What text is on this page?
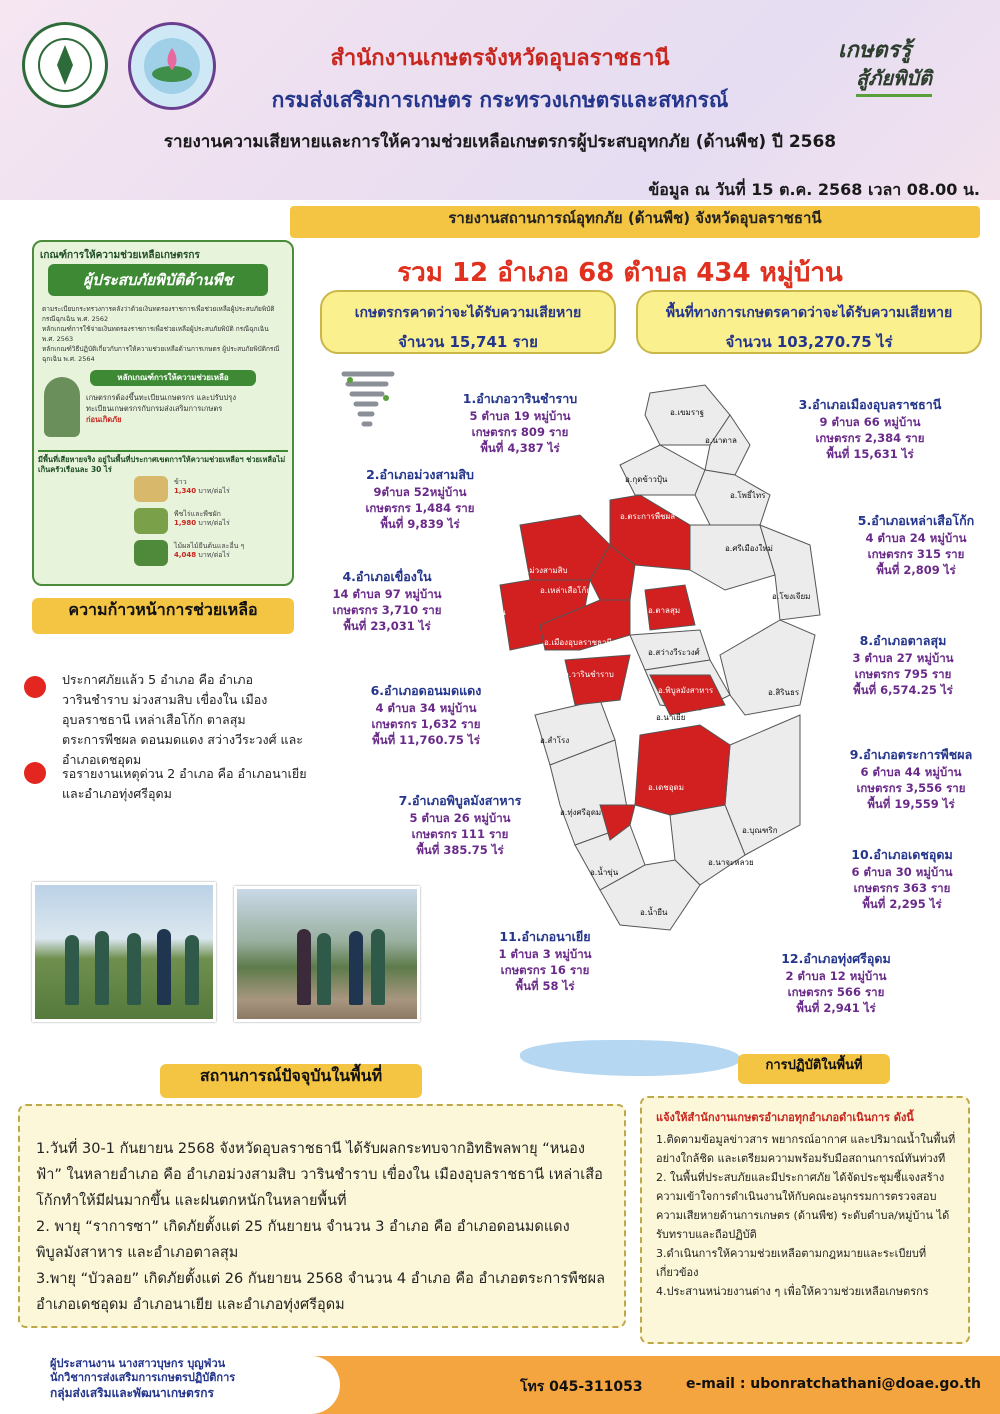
เกษตรรู้
สู้ภัยพิบัติ
สำนักงานเกษตรจังหวัดอุบลราชธานี
กรมส่งเสริมการเกษตร กระทรวงเกษตรและสหกรณ์
รายงานความเสียหายและการให้ความช่วยเหลือเกษตรกรผู้ประสบอุทกภัย (ด้านพืช) ปี 2568
ข้อมูล ณ วันที่ 15 ต.ค. 2568 เวลา 08.00 น.
รายงานสถานการณ์อุทกภัย (ด้านพืช) จังหวัดอุบลราชธานี
เกณฑ์การให้ความช่วยเหลือเกษตรกร
ผู้ประสบภัยพิบัติด้านพืช
ตามระเบียบกระทรวงการคลังว่าด้วยเงินทดรองราชการเพื่อช่วยเหลือผู้ประสบภัยพิบัติกรณีฉุกเฉิน พ.ศ. 2562
หลักเกณฑ์การใช้จ่ายเงินทดรองราชการเพื่อช่วยเหลือผู้ประสบภัยพิบัติ กรณีฉุกเฉิน พ.ศ. 2563
หลักเกณฑ์วิธีปฏิบัติเกี่ยวกับการให้ความช่วยเหลือด้านการเกษตร ผู้ประสบภัยพิบัติกรณีฉุกเฉิน พ.ศ. 2564
หลักเกณฑ์การให้ความช่วยเหลือ
เกษตรกรต้องขึ้นทะเบียนเกษตรกร และปรับปรุงทะเบียนเกษตรกรกับกรมส่งเสริมการเกษตร ก่อนเกิดภัย
มีพื้นที่เสียหายจริง อยู่ในพื้นที่ประกาศเขตการให้ความช่วยเหลือฯ ช่วยเหลือไม่เกินครัวเรือนละ 30 ไร่
ข้าว
1,340 บาท/ต่อไร่
พืชไร่และพืชผัก
1,980 บาท/ต่อไร่
ไม้ผลไม้ยืนต้นและอื่น ๆ
4,048 บาท/ต่อไร่
ความก้าวหน้าการช่วยเหลือ
ประกาศภัยแล้ว 5 อำเภอ คือ อำเภอวารินชำราบ ม่วงสามสิบ เขื่องใน เมืองอุบลราชธานี เหล่าเสือโก้ก ตาลสุม ตระการพืชผล ดอนมดแดง สว่างวีระวงศ์ และอำเภอเดชอุดม
รอรายงานเหตุด่วน 2 อำเภอ คือ อำเภอนาเยีย และอำเภอทุ่งศรีอุดม
รวม 12 อำเภอ 68 ตำบล 434 หมู่บ้าน
เกษตรกรคาดว่าจะได้รับความเสียหาย
จำนวน 15,741 ราย
พื้นที่ทางการเกษตรคาดว่าจะได้รับความเสียหาย
จำนวน 103,270.75 ไร่
1.อำเภอวารินชำราบ
5 ตำบล 19 หมู่บ้าน
เกษตรกร 809 ราย
พื้นที่ 4,387 ไร่
2.อำเภอม่วงสามสิบ
9ตำบล 52หมู่บ้าน
เกษตรกร 1,484 ราย
พื้นที่ 9,839 ไร่
3.อำเภอเมืองอุบลราชธานี
9 ตำบล 66 หมู่บ้าน
เกษตรกร 2,384 ราย
พื้นที่ 15,631 ไร่
4.อำเภอเขื่องใน
14 ตำบล 97 หมู่บ้าน
เกษตรกร 3,710 ราย
พื้นที่ 23,031 ไร่
5.อำเภอเหล่าเสือโก้ก
4 ตำบล 24 หมู่บ้าน
เกษตรกร 315 ราย
พื้นที่ 2,809 ไร่
6.อำเภอดอนมดแดง
4 ตำบล 34 หมู่บ้าน
เกษตรกร 1,632 ราย
พื้นที่ 11,760.75 ไร่
8.อำเภอตาลสุม
3 ตำบล 27 หมู่บ้าน
เกษตรกร 795 ราย
พื้นที่ 6,574.25 ไร่
9.อำเภอตระการพืชผล
6 ตำบล 44 หมู่บ้าน
เกษตรกร 3,556 ราย
พื้นที่ 19,559 ไร่
7.อำเภอพิบูลมังสาหาร
5 ตำบล 26 หมู่บ้าน
เกษตรกร 111 ราย
พื้นที่ 385.75 ไร่	10.อำเภอเดชอุดม
6 ตำบล 30 หมู่บ้าน
เกษตรกร 363 ราย
พื้นที่ 2,295 ไร่
11.อำเภอนาเยีย
1 ตำบล 3 หมู่บ้าน
เกษตรกร 16 ราย
พื้นที่ 58 ไร่
12.อำเภอทุ่งศรีอุดม
2 ตำบล 12 หมู่บ้าน
เกษตรกร 566 ราย
พื้นที่ 2,941 ไร่
อ.เขมราฐ
อ.นาตาล
อ.กุดข้าวปุ้น
อ.โพธิ์ไทร
อ.ตระการพืชผล
อ.ศรีเมืองใหม่
อ.ม่วงสามสิบ
อ.เหล่าเสือโก้ก
อ.โขงเจียม
อ.เขื่องใน	อ.ตาลสุม
อ.เมืองอุบลราชธานี
อ.สว่างวีระวงศ์
อ.วารินชำราบ
อ.พิบูลมังสาหาร	อ.สิรินธร
อ.นาเยีย
อ.สำโรง
อ.เดชอุดม
อ.ทุ่งศรีอุดม
อ.บุณฑริก
อ.นาจะหลวย
อ.น้ำขุ่น
อ.น้ำยืน
1.วันที่ 30-1 กันยายน 2568 จังหวัดอุบลราชธานี ได้รับผลกระทบจากอิทธิพลพายุ “หนองฟ้า” ในหลายอำเภอ คือ อำเภอม่วงสามสิบ วารินชำราบ เขื่องใน เมืองอุบลราชธานี เหล่าเสือโก้กทำให้มีฝนมากขึ้น และฝนตกหนักในหลายพื้นที่
2. พายุ “ราการซา” เกิดภัยตั้งแต่ 25 กันยายน จำนวน 3 อำเภอ คือ อำเภอดอนมดแดง พิบูลมังสาหาร และอำเภอตาลสุม
3.พายุ “บัวลอย” เกิดภัยตั้งแต่ 26 กันยายน 2568 จำนวน 4 อำเภอ คือ อำเภอตระการพืชผล อำเภอเดชอุดม อำเภอนาเยีย และอำเภอทุ่งศรีอุดม
สถานการณ์ปัจจุบันในพื้นที่
แจ้งให้สำนักงานเกษตรอำเภอทุกอำเภอดำเนินการ ดังนี้
1.ติดตามข้อมูลข่าวสาร พยากรณ์อากาศ และปริมาณน้ำในพื้นที่อย่างใกล้ชิด และเตรียมความพร้อมรับมือสถานการณ์ทันท่วงที
2. ในพื้นที่ประสบภัยและมีประกาศภัย ได้จัดประชุมชี้แจงสร้างความเข้าใจการดำเนินงานให้กับคณะอนุกรรมการตรวจสอบความเสียหายด้านการเกษตร (ด้านพืช) ระดับตำบล/หมู่บ้าน ได้รับทราบและถือปฏิบัติ
3.ดำเนินการให้ความช่วยเหลือตามกฎหมายและระเบียบที่เกี่ยวข้อง
4.ประสานหน่วยงานต่าง ๆ เพื่อให้ความช่วยเหลือเกษตรกร
การปฏิบัติในพื้นที่
ผู้ประสานงาน นางสาวบุษกร บุญฟ่วน
นักวิชาการส่งเสริมการเกษตรปฏิบัติการ
กลุ่มส่งเสริมและพัฒนาเกษตรกร	โทร 045-311053	e-mail : ubonratchathani@doae.go.th
